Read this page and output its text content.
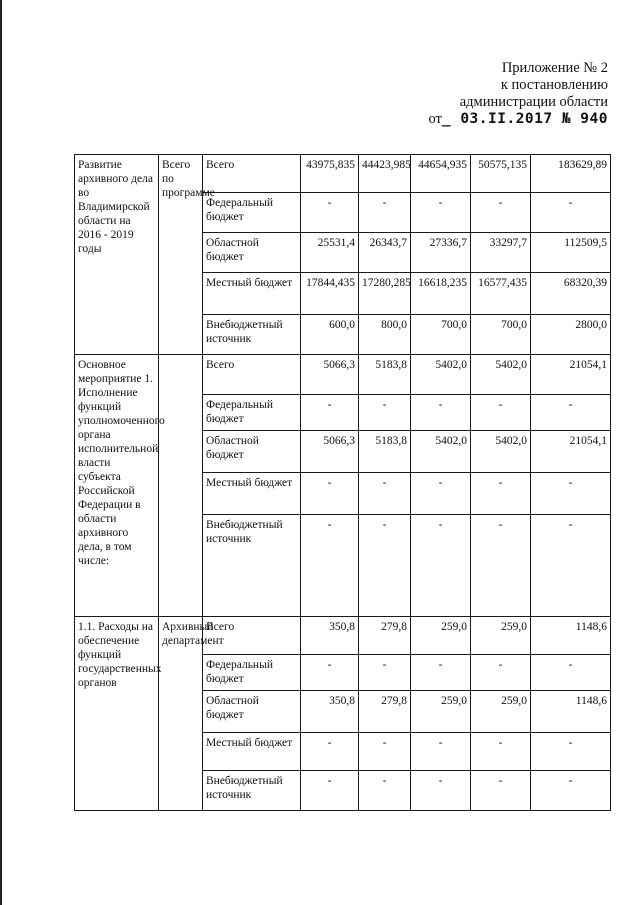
Приложение № 2
к постановлению
администрации области
от_ 03.II.2017 № 940
Развитие архивного дела во Владимирской области на 2016 - 2019 годы	Всего по программе	Всего	43975,835	44423,985	44654,935	50575,135	183629,89
		Федеральный бюджет	-	-	-	-	-
		Областной бюджет	25531,4	26343,7	27336,7	33297,7	112509,5
		Местный бюджет	17844,435	17280,285	16618,235	16577,435	68320,39
		Внебюджетный источник	600,0	800,0	700,0	700,0	2800,0
Основное мероприятие 1. Исполнение функций уполномоченного органа исполнительной власти субъекта Российской Федерации в области архивного дела, в том числе:		Всего	5066,3	5183,8	5402,0	5402,0	21054,1
		Федеральный бюджет	-	-	-	-	-
		Областной бюджет	5066,3	5183,8	5402,0	5402,0	21054,1
		Местный бюджет	-	-	-	-	-
		Внебюджетный источник	-	-	-	-	-
1.1. Расходы на обеспечение функций государственных органов	Архивный департамент	Всего	350,8	279,8	259,0	259,0	1148,6
		Федеральный бюджет	-	-	-	-	-
		Областной бюджет	350,8	279,8	259,0	259,0	1148,6
		Местный бюджет	-	-	-	-	-
		Внебюджетный источник	-	-	-	-	-
